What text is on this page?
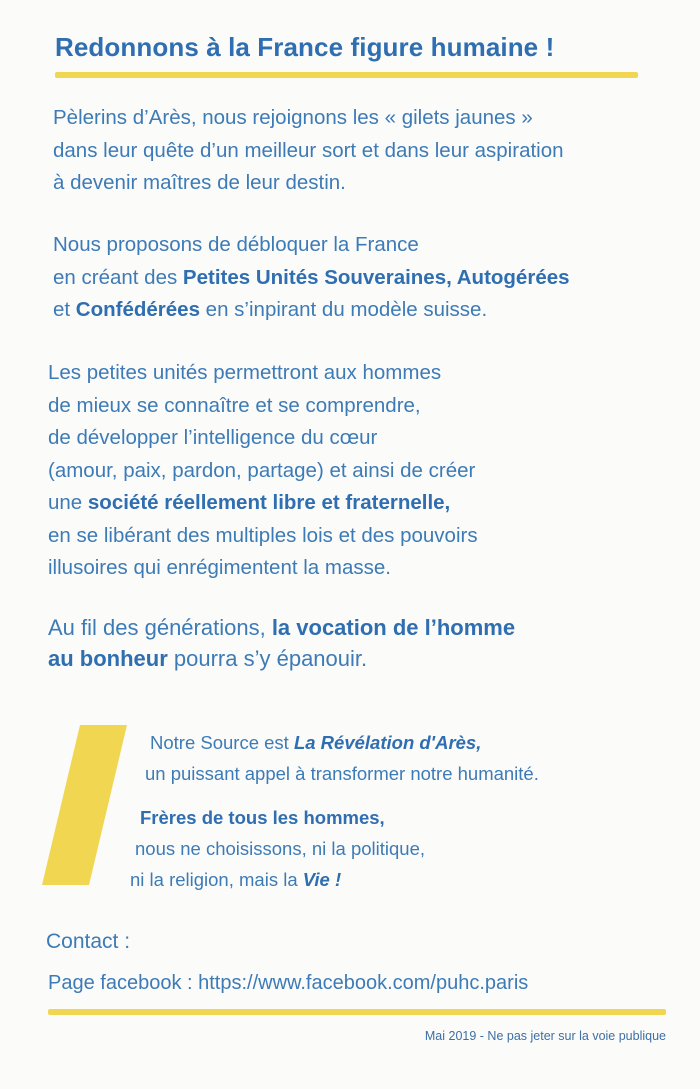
Redonnons à la France figure humaine !
Pèlerins d’Arès, nous rejoignons les « gilets jaunes »
dans leur quête d’un meilleur sort et dans leur aspiration
à devenir maîtres de leur destin.
Nous proposons de débloquer la France
en créant des Petites Unités Souveraines, Autogérées
et Confédérées en s’inpirant du modèle suisse.
Les petites unités permettront aux hommes
de mieux se connaître et se comprendre,
de développer l’intelligence du cœur
(amour, paix, pardon, partage) et ainsi de créer
une société réellement libre et fraternelle,
en se libérant des multiples lois et des pouvoirs
illusoires qui enrégimentent la masse.
Au fil des générations, la vocation de l’homme
au bonheur pourra s’y épanouir.
Notre Source est La Révélation d'Arès,
un puissant appel à transformer notre humanité.
Frères de tous les hommes,
nous ne choisissons, ni la politique,
ni la religion, mais la Vie !
Contact :
Page facebook : https://www.facebook.com/puhc.paris
Mai 2019 - Ne pas jeter sur la voie publique
